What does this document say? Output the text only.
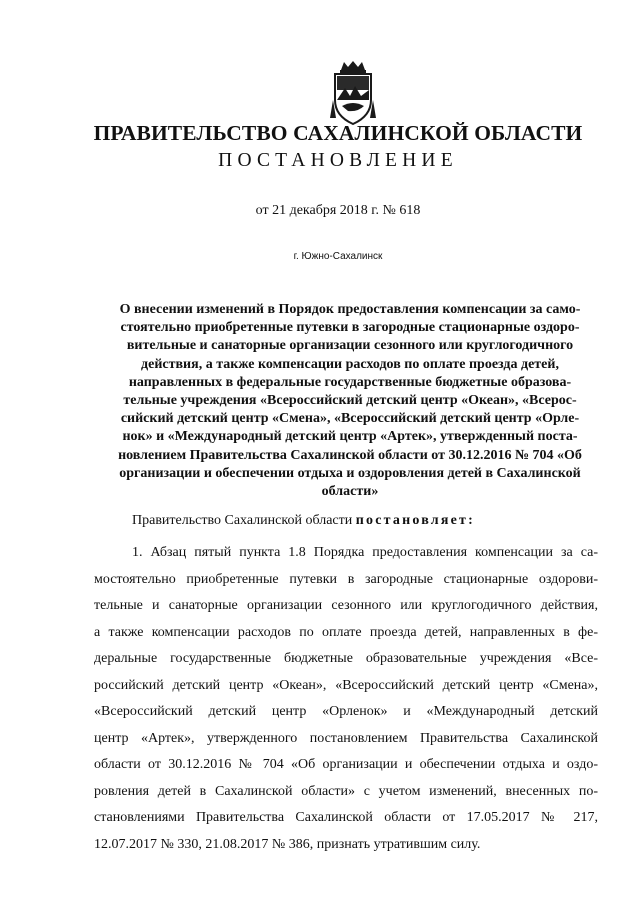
ПРАВИТЕЛЬСТВО САХАЛИНСКОЙ ОБЛАСТИ
ПОСТАНОВЛЕНИЕ
от 21 декабря 2018 г. № 618
г. Южно-Сахалинск
О внесении изменений в Порядок предоставления компенсации за само-
стоятельно приобретенные путевки в загородные стационарные оздоро-
вительные и санаторные организации сезонного или круглогодичного
действия, а также компенсации расходов по оплате проезда детей,
направленных в федеральные государственные бюджетные образова-
тельные учреждения «Всероссийский детский центр «Океан», «Всерос-
сийский детский центр «Смена», «Всероссийский детский центр «Орле-
нок» и «Международный детский центр «Артек», утвержденный поста-
новлением Правительства Сахалинской области от 30.12.2016 № 704 «Об
организации и обеспечении отдыха и оздоровления детей в Сахалинской
области»
Правительство Сахалинской области постановляет:
1. Абзац пятый пункта 1.8 Порядка предоставления компенсации за са-
мостоятельно приобретенные путевки в загородные стационарные оздорови-
тельные и санаторные организации сезонного или круглогодичного действия,
а также компенсации расходов по оплате проезда детей, направленных в фе-
деральные государственные бюджетные образовательные учреждения «Все-
российский детский центр «Океан», «Всероссийский детский центр «Смена»,
«Всероссийский детский центр «Орленок» и «Международный детский
центр «Артек», утвержденного постановлением Правительства Сахалинской
области от 30.12.2016 № 704 «Об организации и обеспечении отдыха и оздо-
ровления детей в Сахалинской области» с учетом изменений, внесенных по-
становлениями Правительства Сахалинской области от 17.05.2017 № 217,
12.07.2017 № 330, 21.08.2017 № 386, признать утратившим силу.
